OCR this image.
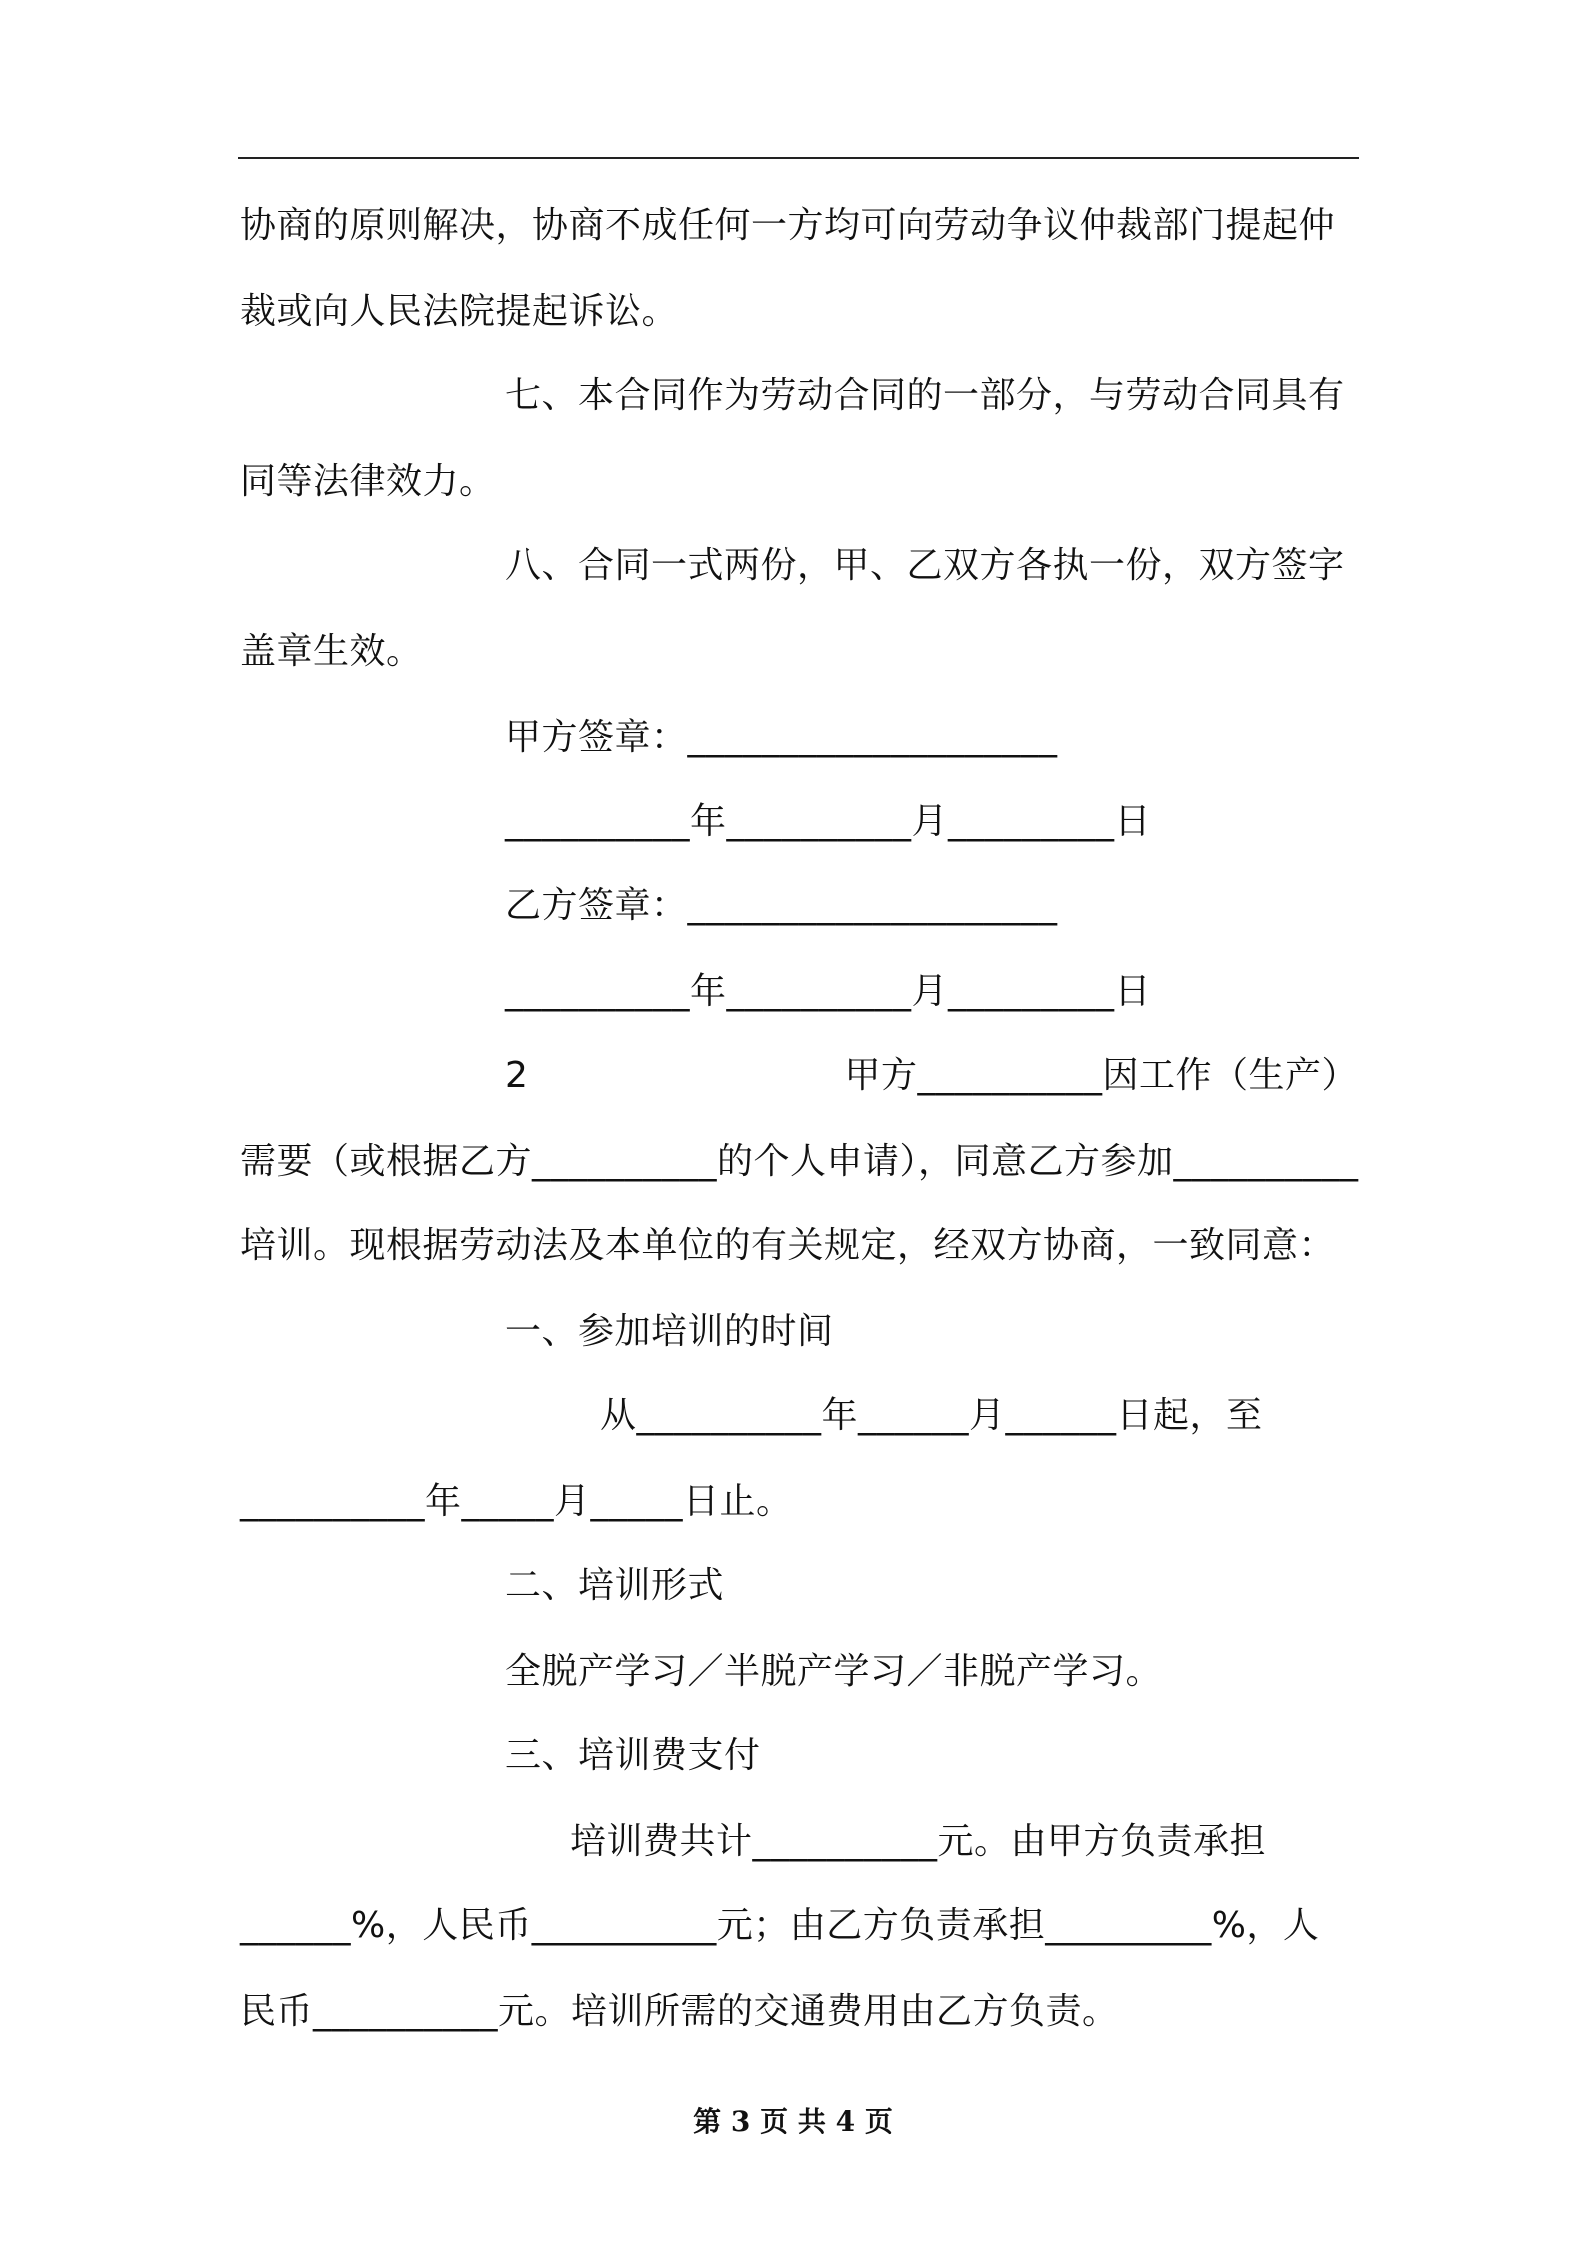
协商的原则解决，协商不成任何一方均可向劳动争议仲裁部门提起仲
裁或向人民法院提起诉讼。
七、本合同作为劳动合同的一部分，与劳动合同具有
同等法律效力。
八、合同一式两份，甲、乙双方各执一份，双方签字
盖章生效。
甲方签章：____________________
__________年__________月_________日
乙方签章：____________________
__________年__________月_________日
2	甲方__________因工作（生产）
需要（或根据乙方__________的个人申请），同意乙方参加__________
培训。现根据劳动法及本单位的有关规定，经双方协商，一致同意：
一、参加培训的时间
从__________年______月______日起，至
__________年_____月_____日止。
二、培训形式
全脱产学习／半脱产学习／非脱产学习。
三、培训费支付
培训费共计__________元。由甲方负责承担
______%，人民币__________元；由乙方负责承担_________%，人
民币__________元。培训所需的交通费用由乙方负责。
第 3 页 共 4 页
